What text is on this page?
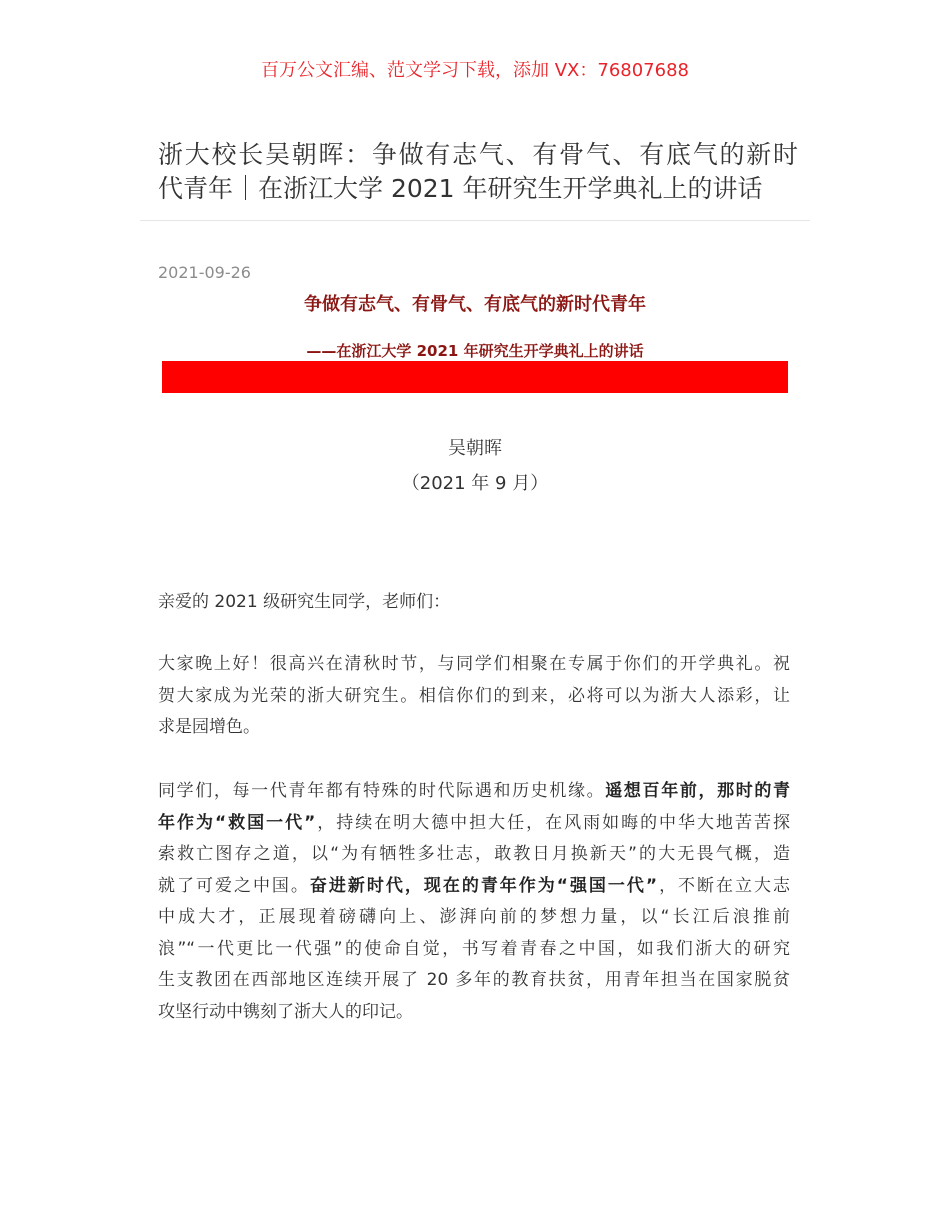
百万公文汇编、范文学习下载，添加 VX：76807688
浙大校长吴朝晖：争做有志气、有骨气、有底气的新时
代青年｜在浙江大学 2021 年研究生开学典礼上的讲话
2021-09-26
争做有志气、有骨气、有底气的新时代青年
——在浙江大学 2021 年研究生开学典礼上的讲话
吴朝晖
（2021 年 9 月）
亲爱的 2021 级研究生同学，老师们：
大家晚上好！很高兴在清秋时节，与同学们相聚在专属于你们的开学典礼。祝
贺大家成为光荣的浙大研究生。相信你们的到来，必将可以为浙大人添彩，让
求是园增色。
同学们，每一代青年都有特殊的时代际遇和历史机缘。遥想百年前，那时的青
年作为“救国一代”，持续在明大德中担大任，在风雨如晦的中华大地苦苦探
索救亡图存之道，以“为有牺牲多壮志，敢教日月换新天”的大无畏气概，造
就了可爱之中国。奋进新时代，现在的青年作为“强国一代”，不断在立大志
中成大才，正展现着磅礴向上、澎湃向前的梦想力量，以“长江后浪推前
浪”“一代更比一代强”的使命自觉，书写着青春之中国，如我们浙大的研究
生支教团在西部地区连续开展了 20 多年的教育扶贫，用青年担当在国家脱贫
攻坚行动中镌刻了浙大人的印记。
